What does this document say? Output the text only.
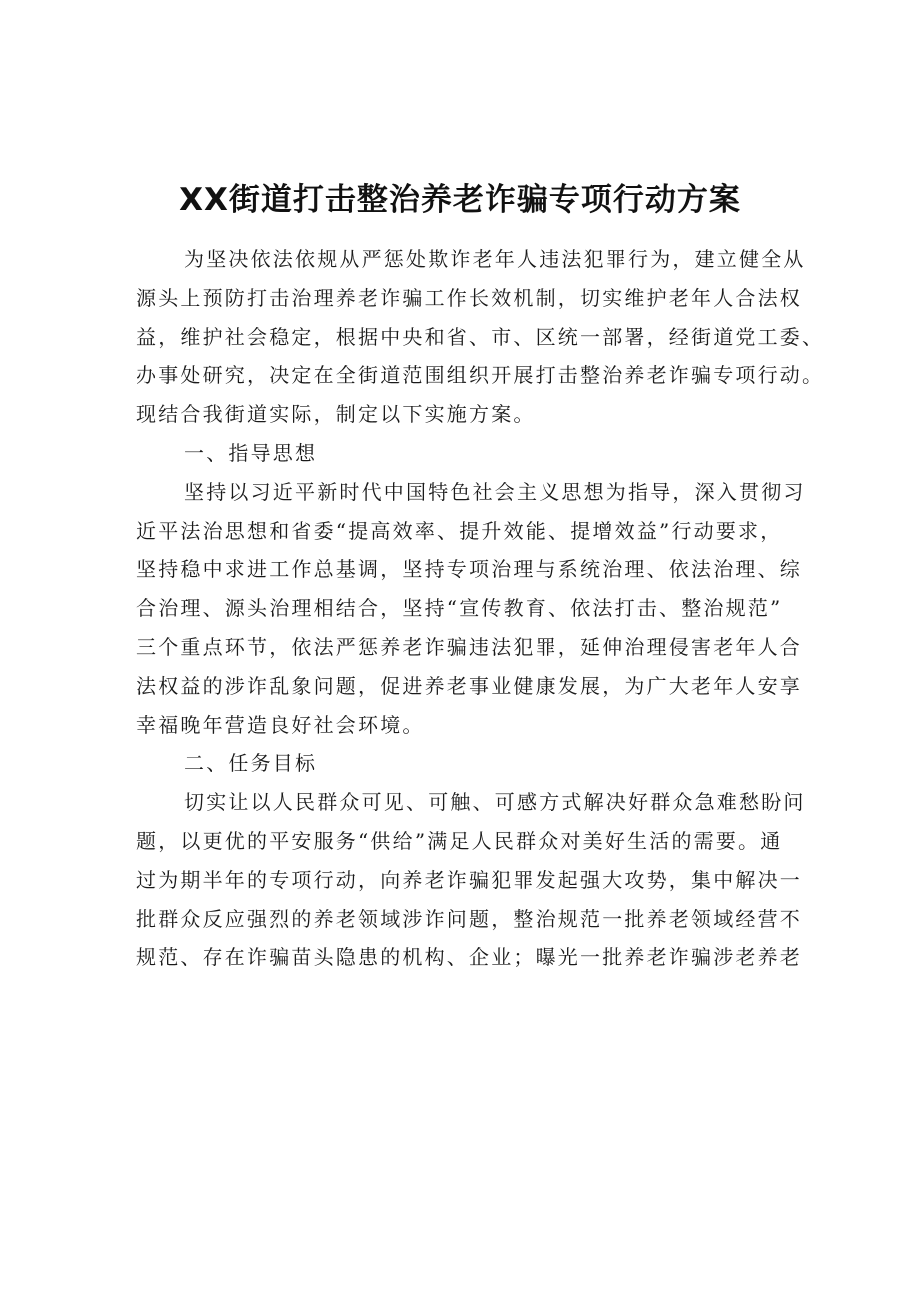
XX街道打击整治养老诈骗专项行动方案
为坚决依法依规从严惩处欺诈老年人违法犯罪行为，建立健全从
源头上预防打击治理养老诈骗工作长效机制，切实维护老年人合法权
益，维护社会稳定，根据中央和省、市、区统一部署，经街道党工委、
办事处研究，决定在全街道范围组织开展打击整治养老诈骗专项行动。
现结合我街道实际，制定以下实施方案。
一、指导思想
坚持以习近平新时代中国特色社会主义思想为指导，深入贯彻习
近平法治思想和省委“提高效率、提升效能、提增效益”行动要求，
坚持稳中求进工作总基调，坚持专项治理与系统治理、依法治理、综
合治理、源头治理相结合，坚持“宣传教育、依法打击、整治规范”
三个重点环节，依法严惩养老诈骗违法犯罪，延伸治理侵害老年人合
法权益的涉诈乱象问题，促进养老事业健康发展，为广大老年人安享
幸福晚年营造良好社会环境。
二、任务目标
切实让以人民群众可见、可触、可感方式解决好群众急难愁盼问
题，以更优的平安服务“供给”满足人民群众对美好生活的需要。通
过为期半年的专项行动，向养老诈骗犯罪发起强大攻势，集中解决一
批群众反应强烈的养老领域涉诈问题，整治规范一批养老领域经营不
规范、存在诈骗苗头隐患的机构、企业；曝光一批养老诈骗涉老养老
